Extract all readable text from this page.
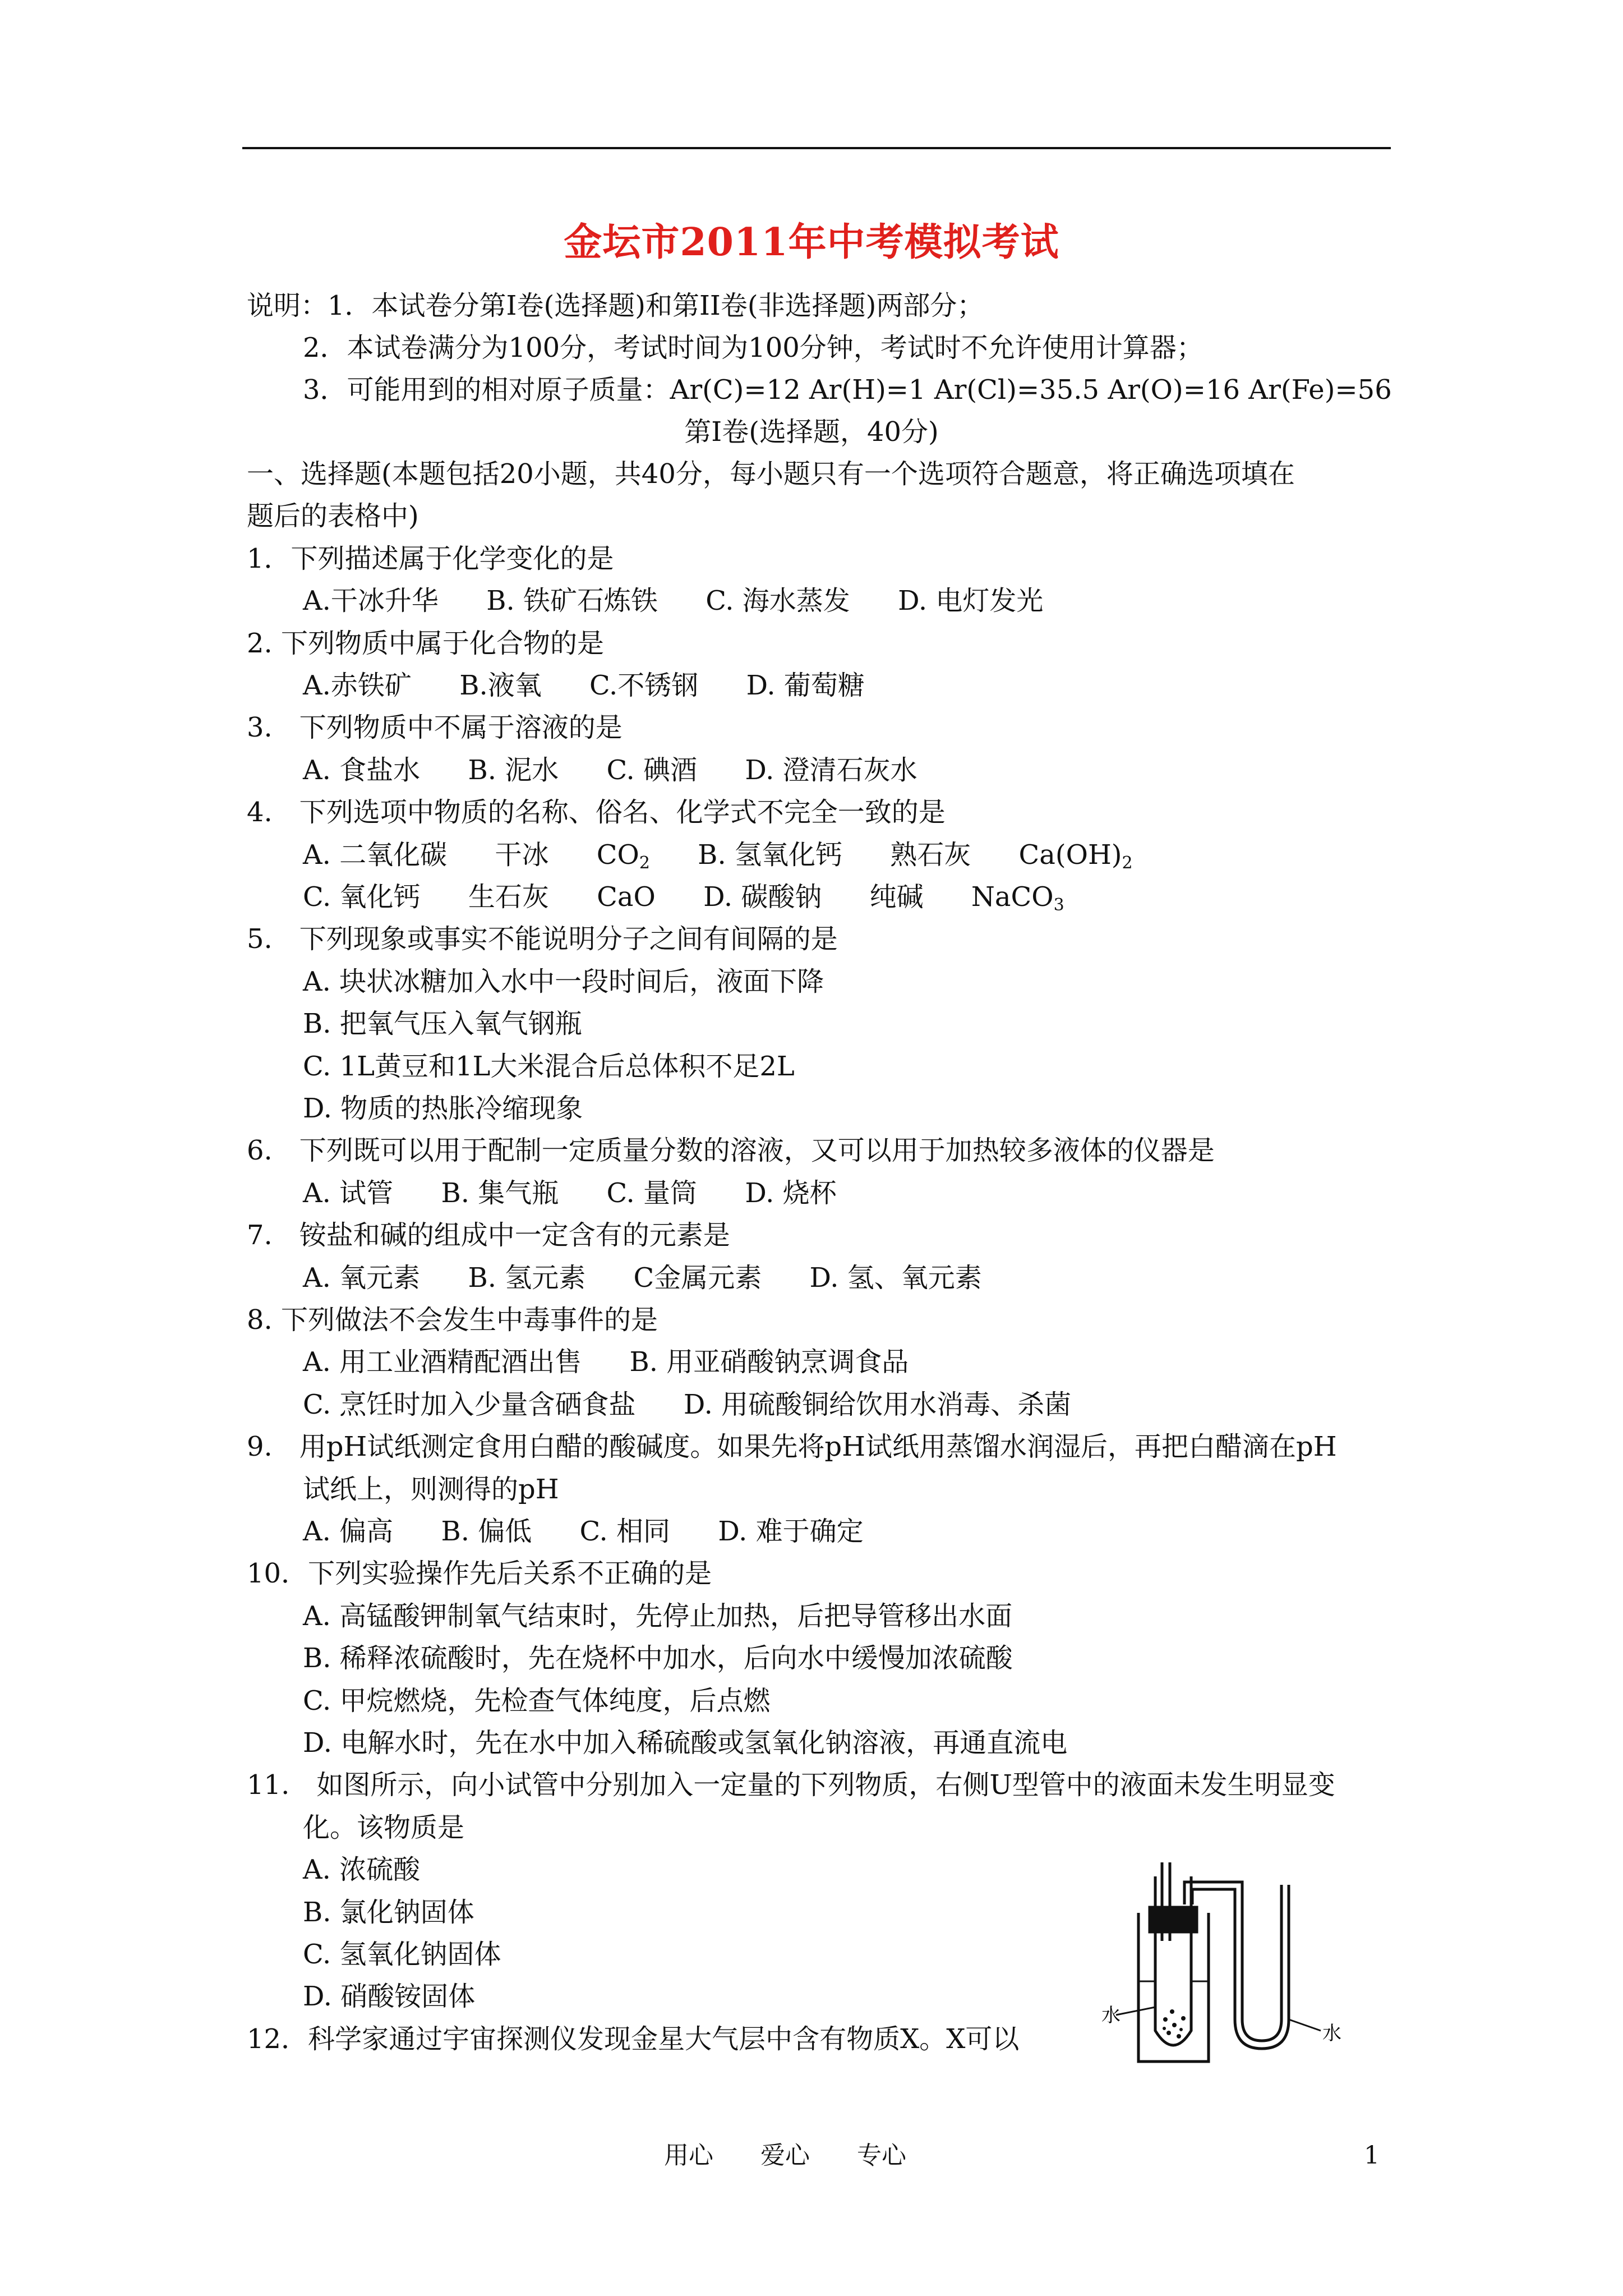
金坛市2011年中考模拟考试
说明：1．本试卷分第Ⅰ卷(选择题)和第II卷(非选择题)两部分；
2．本试卷满分为100分，考试时间为100分钟，考试时不允许使用计算器；
3．可能用到的相对原子质量：Ar(C)=12 Ar(H)=1 Ar(Cl)=35.5 Ar(O)=16 Ar(Fe)=56
第Ⅰ卷(选择题，40分)
一、选择题(本题包括20小题，共40分，每小题只有一个选项符合题意，将正确选项填在
题后的表格中)
1．下列描述属于化学变化的是
A.干冰升华 B. 铁矿石炼铁 C. 海水蒸发 D. 电灯发光
2. 下列物质中属于化合物的是
A.赤铁矿 B.液氧 C.不锈钢 D. 葡萄糖
3.　下列物质中不属于溶液的是
A. 食盐水 B. 泥水 C. 碘酒 D. 澄清石灰水
4.　下列选项中物质的名称、俗名、化学式不完全一致的是
A. 二氧化碳 干冰 $CO_2$ B. 氢氧化钙 熟石灰 $Ca(OH)_2$
C. 氧化钙 生石灰 CaO D. 碳酸钠 纯碱 NaCO$_3$
5.　下列现象或事实不能说明分子之间有间隔的是
A. 块状冰糖加入水中一段时间后，液面下降
B. 把氧气压入氧气钢瓶
C. 1L黄豆和1L大米混合后总体积不足2L
D. 物质的热胀冷缩现象
6.　下列既可以用于配制一定质量分数的溶液，又可以用于加热较多液体的仪器是
A. 试管 B. 集气瓶 C. 量筒 D. 烧杯
7.　铵盐和碱的组成中一定含有的元素是
A. 氧元素 B. 氢元素 C金属元素 D. 氢、氧元素
8. 下列做法不会发生中毒事件的是
A. 用工业酒精配酒出售 B. 用亚硝酸钠烹调食品
C. 烹饪时加入少量含硒食盐 D. 用硫酸铜给饮用水消毒、杀菌
9.　用pH试纸测定食用白醋的酸碱度。如果先将pH试纸用蒸馏水润湿后，再把白醋滴在pH
试纸上，则测得的pH
A. 偏高 B. 偏低 C. 相同 D. 难于确定
10．下列实验操作先后关系不正确的是
A. 高锰酸钾制氧气结束时，先停止加热，后把导管移出水面
B. 稀释浓硫酸时，先在烧杯中加水，后向水中缓慢加浓硫酸
C. 甲烷燃烧，先检查气体纯度，后点燃
D. 电解水时，先在水中加入稀硫酸或氢氧化钠溶液，再通直流电
11.　如图所示，向小试管中分别加入一定量的下列物质，右侧U型管中的液面未发生明显变
化。该物质是
A. 浓硫酸
B. 氯化钠固体
C. 氢氧化钠固体
D. 硝酸铵固体
水
水
12．科学家通过宇宙探测仪发现金星大气层中含有物质X。X可以
用心 爱心 专心	1
